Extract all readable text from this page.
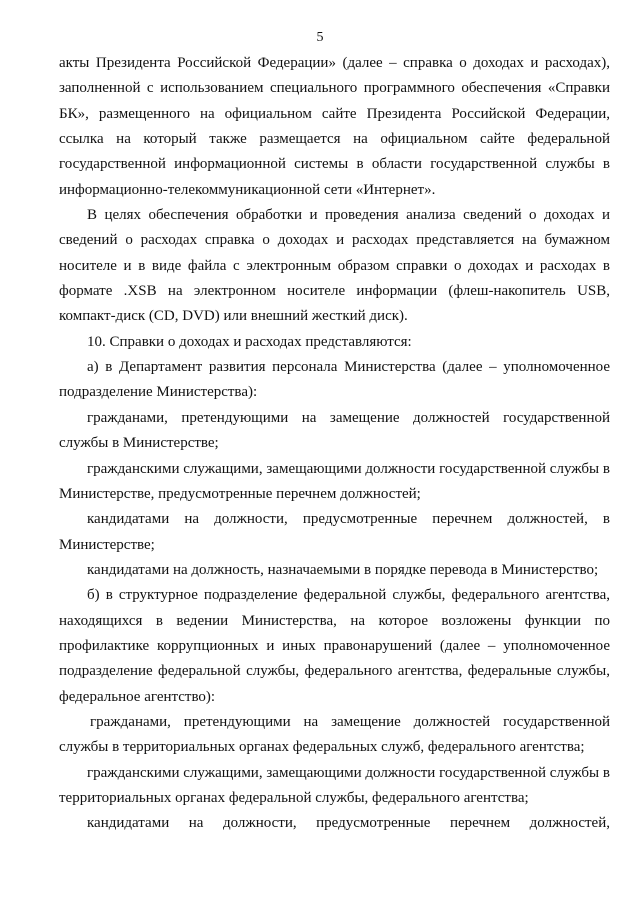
5

акты Президента Российской Федерации» (далее – справка о доходах и расходах), заполненной с использованием специального программного обеспечения «Справки БК», размещенного на официальном сайте Президента Российской Федерации, ссылка на который также размещается на официальном сайте федеральной государственной информационной системы в области государственной службы в информационно-телекоммуникационной сети «Интернет».

В целях обеспечения обработки и проведения анализа сведений о доходах и сведений о расходах справка о доходах и расходах представляется на бумажном носителе и в виде файла с электронным образом справки о доходах и расходах в формате .XSB на электронном носителе информации (флеш-накопитель USB, компакт-диск (CD, DVD) или внешний жесткий диск).

10. Справки о доходах и расходах представляются:

а) в Департамент развития персонала Министерства (далее – уполномоченное подразделение Министерства):

гражданами, претендующими на замещение должностей государственной службы в Министерстве;

гражданскими служащими, замещающими должности государственной службы в Министерстве, предусмотренные перечнем должностей;

кандидатами на должности, предусмотренные перечнем должностей, в Министерстве;

кандидатами на должность, назначаемыми в порядке перевода в Министерство;

б) в структурное подразделение федеральной службы, федерального агентства, находящихся в ведении Министерства, на которое возложены функции по профилактике коррупционных и иных правонарушений (далее – уполномоченное подразделение федеральной службы, федерального агентства, федеральные службы, федеральное агентство):

гражданами, претендующими на замещение должностей государственной службы в территориальных органах федеральных служб, федерального агентства;

гражданскими служащими, замещающими должности государственной службы в территориальных органах федеральной службы, федерального агентства;

кандидатами на должности, предусмотренные перечнем должностей,
